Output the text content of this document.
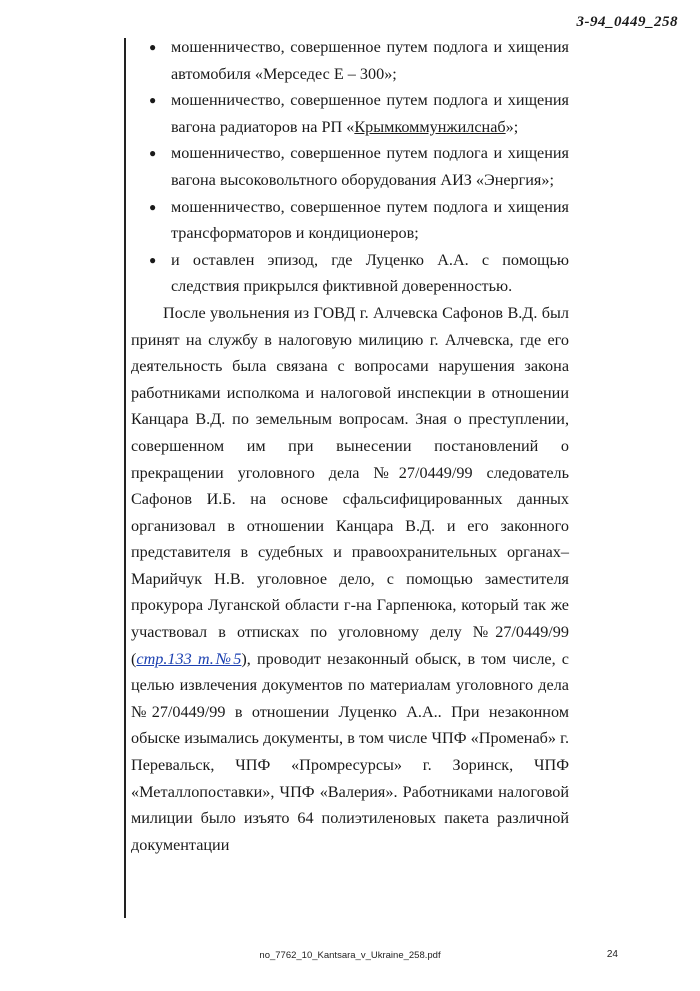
3-94_0449_258
● мошенничество, совершенное путем подлога и хищения автомобиля «Мерседес Е – 300»;
● мошенничество, совершенное путем подлога и хищения вагона радиаторов на РП «Крымкоммунжилснаб»;
● мошенничество, совершенное путем подлога и хищения вагона высоковольтного оборудования АИЗ «Энергия»;
● мошенничество, совершенное путем подлога и хищения трансформаторов и кондиционеров;
● и оставлен эпизод, где Луценко А.А. с помощью следствия прикрылся фиктивной доверенностью.

После увольнения из ГОВД г. Алчевска Сафонов В.Д. был принят на службу в налоговую милицию г. Алчевска, где его деятельность была связана с вопросами нарушения закона работниками исполкома и налоговой инспекции в отношении Канцара В.Д. по земельным вопросам. Зная о преступлении, совершенном им при вынесении постановлений о прекращении уголовного дела №27/0449/99 следователь Сафонов И.Б. на основе сфальсифицированных данных организовал в отношении Канцара В.Д. и его законного представителя в судебных и правоохранительных органах– Марийчук Н.В. уголовное дело, с помощью заместителя прокурора Луганской области г-на Гарпенюка, который так же участвовал в отписках по уголовному делу №27/0449/99 (стр.133 т.№5), проводит незаконный обыск, в том числе, с целью извлечения документов по материалам уголовного дела №27/0449/99 в отношении Луценко А.А.. При незаконном обыске изымались документы, в том числе ЧПФ «Променаб» г. Перевальск, ЧПФ «Промресурсы» г. Зоринск, ЧПФ «Металлопоставки», ЧПФ «Валерия». Работниками налоговой милиции было изъято 64 полиэтиленовых пакета различной документации

no_7762_10_Kantsara_v_Ukraine_258.pdf	24
